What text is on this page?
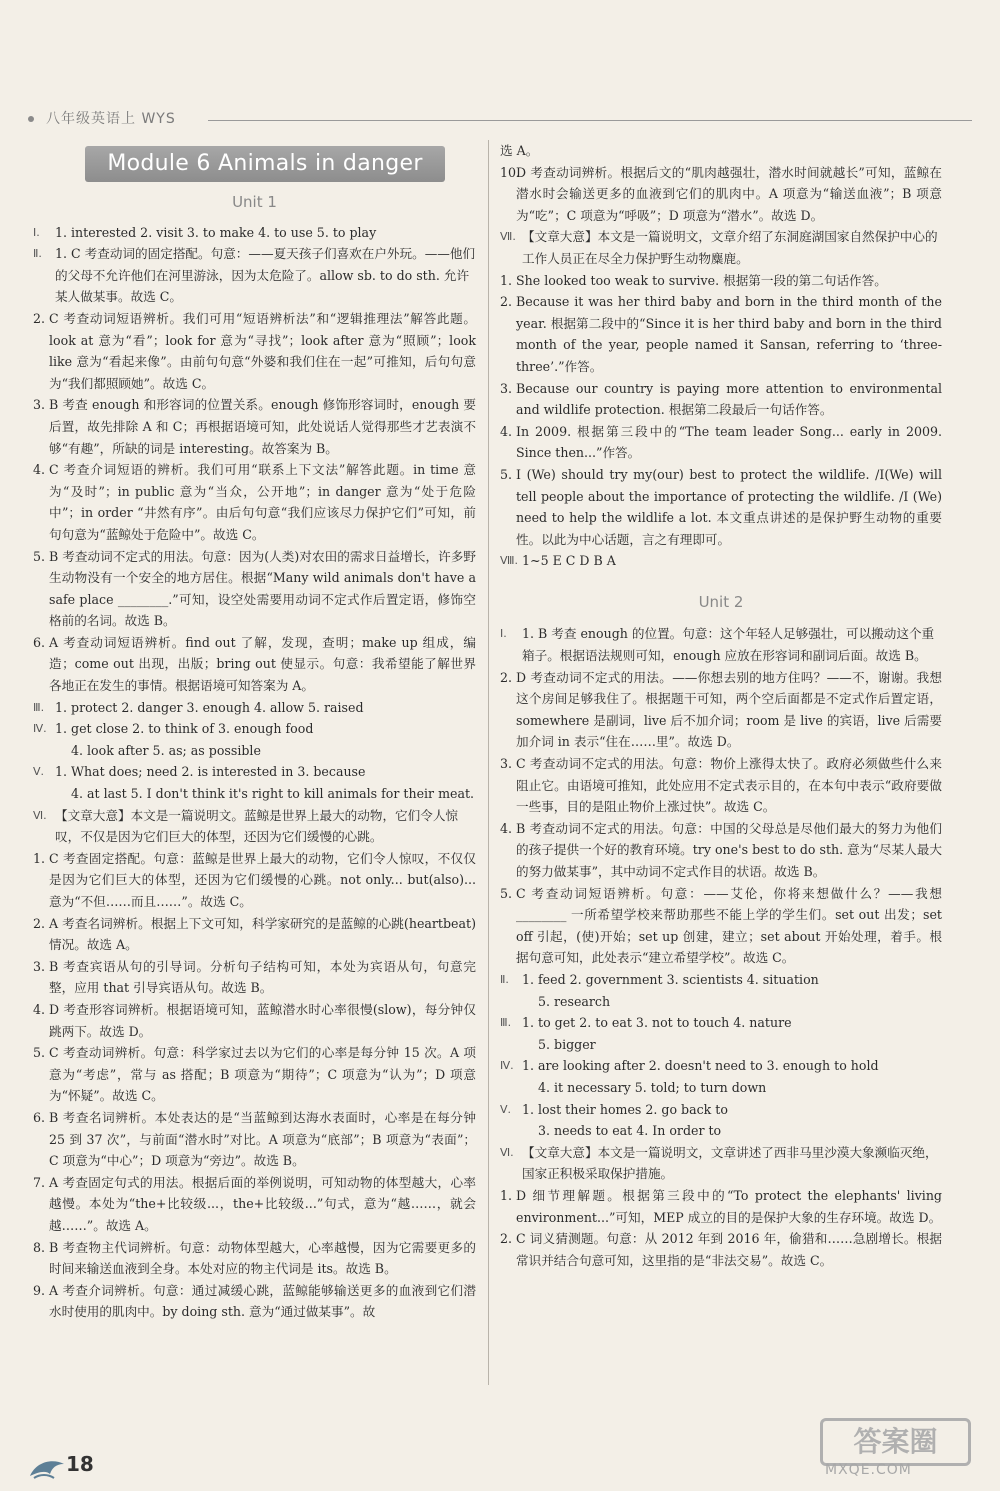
八年级英语上 WYS
Module 6 Animals in danger
Unit 1
Ⅰ. 1. interested 2. visit 3. to make 4. to use 5. to play
Ⅱ. 1. C 考查动词的固定搭配。句意：——夏天孩子们喜欢在户外玩。——他们的父母不允许他们在河里游泳，因为太危险了。allow sb. to do sth. 允许某人做某事。故选 C。
2. C 考查动词短语辨析。我们可用“短语辨析法”和“逻辑推理法”解答此题。look at 意为“看”；look for 意为“寻找”；look after 意为“照顾”；look like 意为“看起来像”。由前句句意“外婆和我们住在一起”可推知，后句句意为“我们都照顾她”。故选 C。
3. B 考查 enough 和形容词的位置关系。enough 修饰形容词时，enough 要后置，故先排除 A 和 C；再根据语境可知，此处说话人觉得那些才艺表演不够“有趣”，所缺的词是 interesting。故答案为 B。
4. C 考查介词短语的辨析。我们可用“联系上下文法”解答此题。in time 意为“及时”；in public 意为“当众，公开地”；in danger 意为“处于危险中”；in order “井然有序”。由后句句意“我们应该尽力保护它们”可知，前句句意为“蓝鲸处于危险中”。故选 C。
5. B 考查动词不定式的用法。句意：因为(人类)对农田的需求日益增长，许多野生动物没有一个安全的地方居住。根据“Many wild animals don't have a safe place ________.”可知，设空处需要用动词不定式作后置定语，修饰空格前的名词。故选 B。
6. A 考查动词短语辨析。find out 了解，发现，查明；make up 组成，编造；come out 出现，出版；bring out 使显示。句意：我希望能了解世界各地正在发生的事情。根据语境可知答案为 A。
Ⅲ. 1. protect 2. danger 3. enough 4. allow 5. raised
Ⅳ. 1. get close 2. to think of 3. enough food
4. look after 5. as; as possible
Ⅴ. 1. What does; need 2. is interested in 3. because
4. at last 5. I don't think it's right to kill animals for their meat.
Ⅵ. 【文章大意】本文是一篇说明文。蓝鲸是世界上最大的动物，它们令人惊叹，不仅是因为它们巨大的体型，还因为它们缓慢的心跳。
1. C 考查固定搭配。句意：蓝鲸是世界上最大的动物，它们令人惊叹，不仅仅是因为它们巨大的体型，还因为它们缓慢的心跳。not only... but(also)... 意为“不但……而且……”。故选 C。
2. A 考查名词辨析。根据上下文可知，科学家研究的是蓝鲸的心跳(heartbeat)情况。故选 A。
3. B 考查宾语从句的引导词。分析句子结构可知，本处为宾语从句，句意完整，应用 that 引导宾语从句。故选 B。
4. D 考查形容词辨析。根据语境可知，蓝鲸潜水时心率很慢(slow)，每分钟仅跳两下。故选 D。
5. C 考查动词辨析。句意：科学家过去以为它们的心率是每分钟 15 次。A 项意为“考虑”，常与 as 搭配；B 项意为“期待”；C 项意为“认为”；D 项意为“怀疑”。故选 C。
6. B 考查名词辨析。本处表达的是“当蓝鲸到达海水表面时，心率是在每分钟 25 到 37 次”，与前面“潜水时”对比。A 项意为“底部”；B 项意为“表面”；C 项意为“中心”；D 项意为“旁边”。故选 B。
7. A 考查固定句式的用法。根据后面的举例说明，可知动物的体型越大，心率越慢。本处为“the+比较级...，the+比较级...”句式，意为“越……，就会越……”。故选 A。
8. B 考查物主代词辨析。句意：动物体型越大，心率越慢，因为它需要更多的时间来输送血液到全身。本处对应的物主代词是 its。故选 B。
9. A 考查介词辨析。句意：通过减缓心跳，蓝鲸能够输送更多的血液到它们潜水时使用的肌肉中。by doing sth. 意为“通过做某事”。故
选 A。
10.
D 考查动词辨析。根据后文的“肌肉越强壮，潜水时间就越长”可知，蓝鲸在潜水时会输送更多的血液到它们的肌肉中。A 项意为“输送血液”；B 项意为“吃”；C 项意为“呼吸”；D 项意为“潜水”。故选 D。
Ⅶ. 【文章大意】本文是一篇说明文，文章介绍了东洞庭湖国家自然保护中心的工作人员正在尽全力保护野生动物麋鹿。
1. She looked too weak to survive. 根据第一段的第二句话作答。
2. Because it was her third baby and born in the third month of the year. 根据第二段中的“Since it is her third baby and born in the third month of the year, people named it Sansan, referring to ‘three-three’.”作答。
3. Because our country is paying more attention to environmental and wildlife protection. 根据第二段最后一句话作答。
4. In 2009. 根据第三段中的“The team leader Song... early in 2009. Since then...”作答。
5. I (We) should try my(our) best to protect the wildlife. /I(We) will tell people about the importance of protecting the wildlife. /I (We) need to help the wildlife a lot. 本文重点讲述的是保护野生动物的重要性。以此为中心话题，言之有理即可。
Ⅷ. 1~5 E C D B A
Unit 2
Ⅰ. 1. B 考查 enough 的位置。句意：这个年轻人足够强壮，可以搬动这个重箱子。根据语法规则可知，enough 应放在形容词和副词后面。故选 B。
2. D 考查动词不定式的用法。——你想去别的地方住吗？——不，谢谢。我想这个房间足够我住了。根据题干可知，两个空后面都是不定式作后置定语，somewhere 是副词，live 后不加介词；room 是 live 的宾语，live 后需要加介词 in 表示“住在……里”。故选 D。
3. C 考查动词不定式的用法。句意：物价上涨得太快了。政府必须做些什么来阻止它。由语境可推知，此处应用不定式表示目的，在本句中表示“政府要做一些事，目的是阻止物价上涨过快”。故选 C。
4. B 考查动词不定式的用法。句意：中国的父母总是尽他们最大的努力为他们的孩子提供一个好的教育环境。try one's best to do sth. 意为“尽某人最大的努力做某事”，其中动词不定式作目的状语。故选 B。
5. C 考查动词短语辨析。句意：——艾伦，你将来想做什么？——我想 ________ 一所希望学校来帮助那些不能上学的学生们。set out 出发；set off 引起，(使)开始；set up 创建，建立；set about 开始处理，着手。根据句意可知，此处表示“建立希望学校”。故选 C。
Ⅱ. 1. feed 2. government 3. scientists 4. situation
5. research
Ⅲ. 1. to get 2. to eat 3. not to touch 4. nature
5. bigger
Ⅳ. 1. are looking after 2. doesn't need to 3. enough to hold
4. it necessary 5. told; to turn down
Ⅴ. 1. lost their homes 2. go back to
3. needs to eat 4. In order to
Ⅵ. 【文章大意】本文是一篇说明文，文章讲述了西非马里沙漠大象濒临灭绝，国家正积极采取保护措施。
1. D 细节理解题。根据第三段中的“To protect the elephants' living environment...”可知，MEP 成立的目的是保护大象的生存环境。故选 D。
2. C 词义猜测题。句意：从 2012 年到 2016 年，偷猎和……急剧增长。根据常识并结合句意可知，这里指的是“非法交易”。故选 C。
18
答案圈
MXQE.COM
